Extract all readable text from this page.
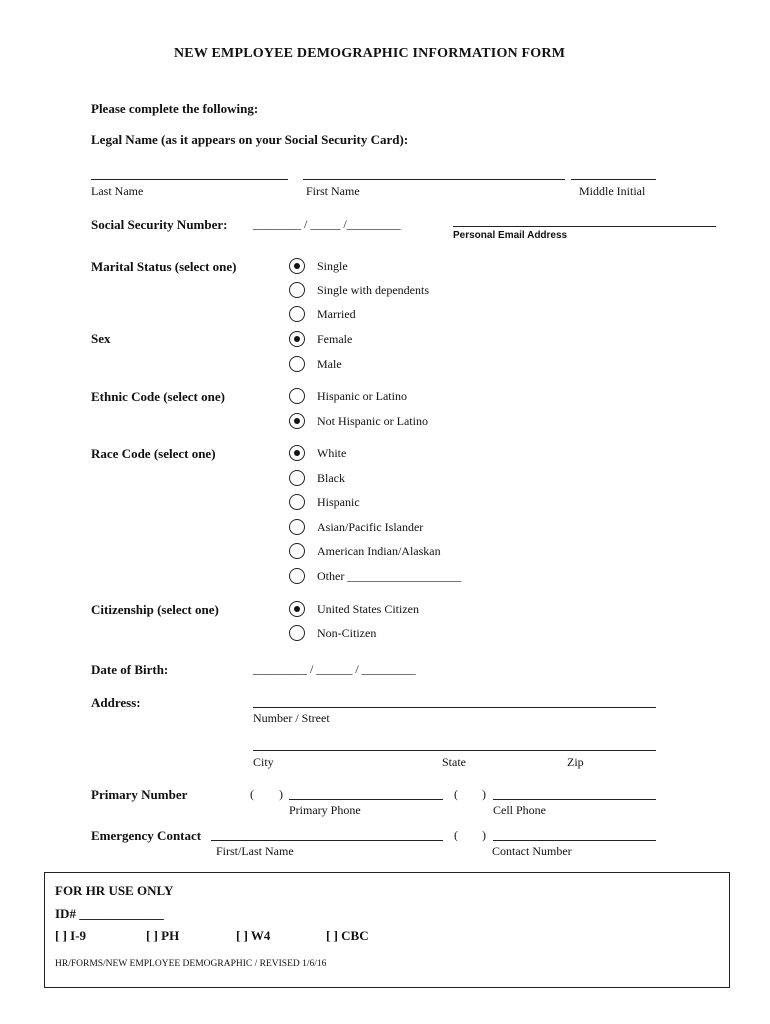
NEW EMPLOYEE DEMOGRAPHIC INFORMATION FORM
Please complete the following:
Legal Name (as it appears on your Social Security Card):
Last Name	First Name	Middle Initial
Social Security Number: ________ / _____ /_________
Personal Email Address
Marital Status (select one)	Single
Single with dependents
Married
Sex	Female
Male
Ethnic Code (select one)	Hispanic or Latino
Not Hispanic or Latino
Race Code (select one)	White
Black
Hispanic
Asian/Pacific Islander
American Indian/Alaskan
Other ___________________
Citizenship (select one)	United States Citizen
Non-Citizen
Date of Birth:	_________ / ______ / _________
Address:
Number / Street
City	State	Zip
Primary Number	( )	( )
Primary Phone	Cell Phone
Emergency Contact	( )
First/Last Name	Contact Number
FOR HR USE ONLY
ID# _____________
[ ] I-9	[ ] PH	[ ] W4	[ ] CBC
HR/FORMS/NEW EMPLOYEE DEMOGRAPHIC / REVISED 1/6/16
